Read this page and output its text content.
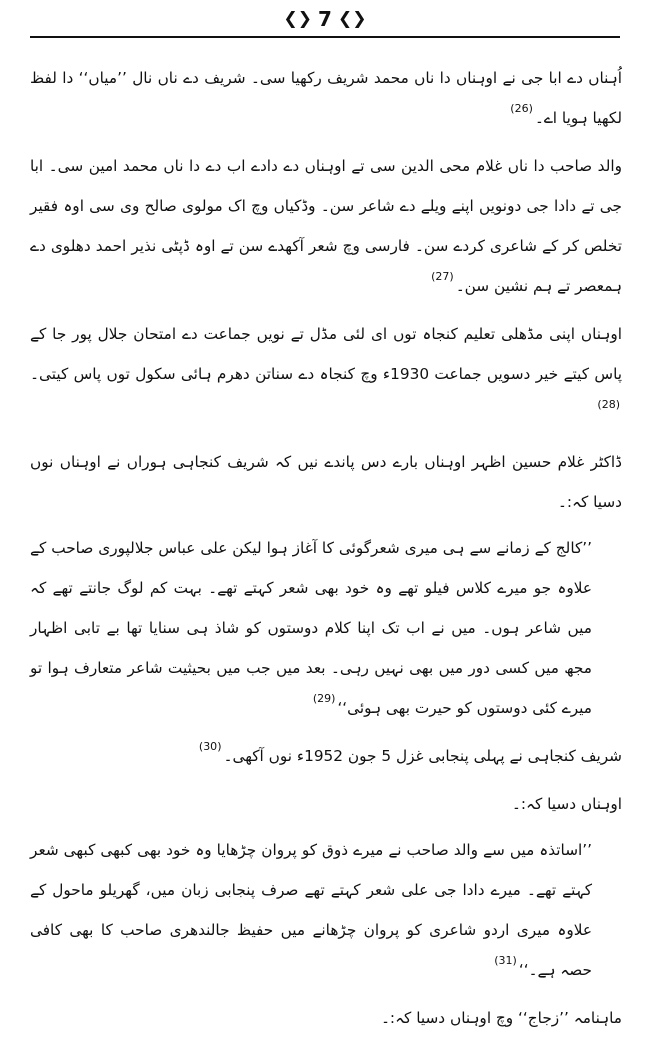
❮❯ 7 ❮❯

اُہناں دے ابا جی نے اوہناں دا ناں محمد شریف رکھیا سی۔ شریف دے ناں نال ’’میاں‘‘ دا لفظ لکھیا ہویا اے۔$^{(26)}$

والد صاحب دا ناں غلام محی الدین سی تے اوہناں دے دادے اب دے دا ناں محمد امین سی۔ ابا جی تے دادا جی دونویں اپنے ویلے دے شاعر سن۔ وڈکیاں وچ اک مولوی صالح وی سی اوہ فقیر تخلص کر کے شاعری کردے سن۔ فارسی وچ شعر آکھدے سن تے اوہ ڈپٹی نذیر احمد دھلوی دے ہمعصر تے ہم نشین سن۔$^{(27)}$

اوہناں اپنی مڈھلی تعلیم کنجاہ توں ای لئی مڈل تے نویں جماعت دے امتحان جلال پور جا کے پاس کیتے خیر دسویں جماعت 1930ء وچ کنجاہ دے سناتن دھرم ہائی سکول توں پاس کیتی۔$^{(28)}$

ڈاکٹر غلام حسین اظہر اوہناں بارے دس پاندے نیں کہ شریف کنجاہی ہوراں نے اوہناں نوں دسیا کہ:۔

’’کالج کے زمانے سے ہی میری شعرگوئی کا آغاز ہوا لیکن علی عباس جلالپوری صاحب کے علاوہ جو میرے کلاس فیلو تھے وہ خود بھی شعر کہتے تھے۔ بہت کم لوگ جانتے تھے کہ میں شاعر ہوں۔ میں نے اب تک اپنا کلام دوستوں کو شاذ ہی سنایا تھا بے تابی اظہار مجھ میں کسی دور میں بھی نہیں رہی۔ بعد میں جب میں بحیثیت شاعر متعارف ہوا تو میرے کئی دوستوں کو حیرت بھی ہوئی‘‘$^{(29)}$

شریف کنجاہی نے پہلی پنجابی غزل 5 جون 1952ء نوں آکھی۔$^{(30)}$

اوہناں دسیا کہ:۔

’’اساتذہ میں سے والد صاحب نے میرے ذوق کو پروان چڑھایا وہ خود بھی کبھی کبھی شعر کہتے تھے۔ میرے دادا جی علی شعر کہتے تھے صرف پنجابی زبان میں، گھریلو ماحول کے علاوہ میری اردو شاعری کو پروان چڑھانے میں حفیظ جالندھری صاحب کا بھی کافی حصہ ہے۔‘‘$^{(31)}$

ماہنامہ ’’زجاج‘‘ وچ اوہناں دسیا کہ:۔
